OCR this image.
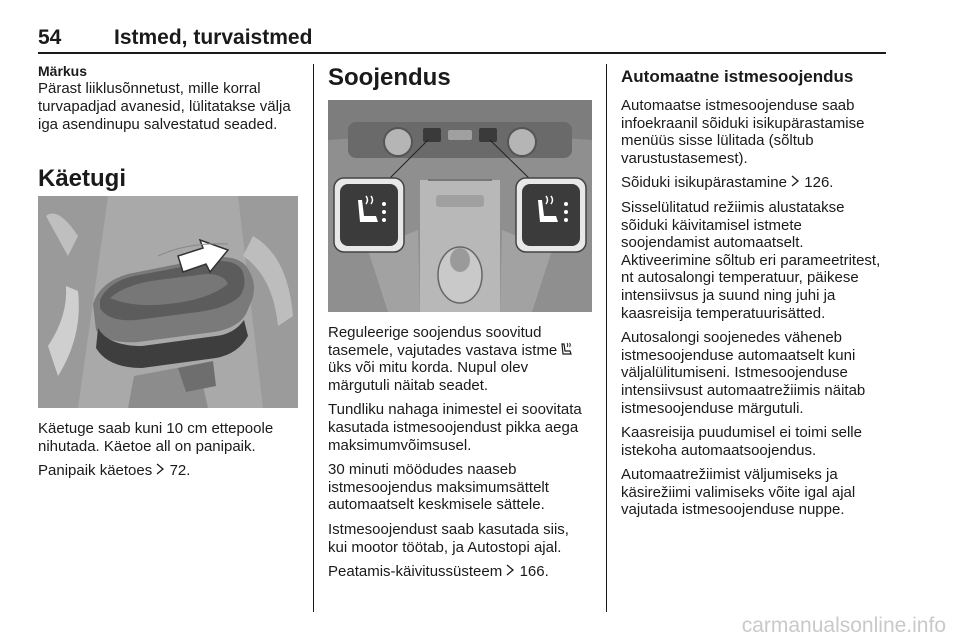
54	Istmed, turvaistmed
Märkus
Pärast liiklusõnnetust, mille korral turvapadjad avanesid, lülitatakse välja iga asendinupu salvestatud seaded.
Käetugi

Käetuge saab kuni 10 cm ettepoole nihutada. Käetoe all on panipaik.

Panipaik käetoes  72.

Soojendus

Reguleerige soojendus soovitud tasemele, vajutades vastava istme  üks või mitu korda. Nupul olev märgutuli näitab seadet.

Tundliku nahaga inimestel ei soovitata kasutada istmesoojendust pikka aega maksimumvõimsusel.

30 minuti möödudes naaseb istmesoojendus maksimumsättelt automaatselt keskmisele sättele.

Istmesoojendust saab kasutada siis, kui mootor töötab, ja Autostopi ajal.

Peatamis-käivitussüsteem  166.

Automaatne istmesoojendus

Automaatse istmesoojenduse saab infoekraanil sõiduki isikupärastamise menüüs sisse lülitada (sõltub varustustasemest).

Sõiduki isikupärastamine  126.

Sisselülitatud režiimis alustatakse sõiduki käivitamisel istmete soojendamist automaatselt. Aktiveerimine sõltub eri parameetritest, nt autosalongi temperatuur, päikese intensiivsus ja suund ning juhi ja kaasreisija temperatuurisätted.

Autosalongi soojenedes väheneb istmesoojenduse automaatselt kuni väljalülitumiseni. Istmesoojenduse intensiivsust automaatrežiimis näitab istmesoojenduse märgutuli.

Kaasreisija puudumisel ei toimi selle istekoha automaatsoojendus.

Automaatrežiimist väljumiseks ja käsirežiimi valimiseks võite igal ajal vajutada istmesoojenduse nuppe.

carmanualsonline.info
